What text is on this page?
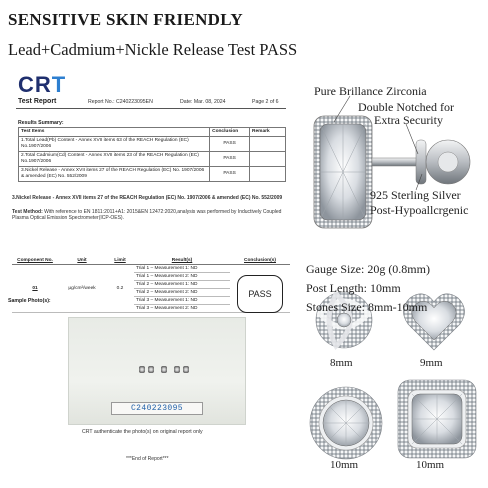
SENSITIVE SKIN FRIENDLY
Lead+Cadmium+Nickle Release Test PASS
CRT
Test Report	Report No.: C240223095EN	Date: Mar. 08, 2024	Page 2 of 6
Results Summary:
Test Items	Conclusion	Remark
1.Total Lead(Pb) Content - Annex XVII items 63 of the REACH Regulation (EC) No.1907/2006	PASS	
2.Total Cadmium(Cd) Content - Annex XVII items 23 of the REACH Regulation (EC) No.1907/2006	PASS	
3.Nickel Release - Annex XVII items 27 of the REACH Regulation (EC) No. 1907/2006 & amended (EC) No. 552/2009	PASS	
3.Nickel Release - Annex XVII items 27 of the REACH Regulation (EC) No. 1907/2006 & amended (EC) No. 552/2009
Test Method: With reference to EN 1811:2011+A1: 2015&EN 12472:2020,analysis was performed by Inductively Coupled Plasma Optical Emission Spectrometer(ICP-OES).
Component No.	Unit	Limit	Result(s)	Conclusion(s)
01	μg/cm²/week	0.2	Trial 1 – Measurement 1: ND	
			Trial 1 – Measurement 2: ND	
			Trial 2 – Measurement 1: ND	
			Trial 2 – Measurement 2: ND	
			Trial 3 – Measurement 1: ND	
			Trial 3 – Measurement 2: ND	
PASS
Sample Photo(s):
C240223095
CRT authenticate the photo(s) on original report only
***End of Report***
Pure Brillance Zirconia
Double Notched for
Extra Security
925 Sterling Silver
Post-Hypoallcrgenic
Gauge Size: 20g (0.8mm)
Post Length: 10mm
Stones Size: 8mm-10mm
8mm	9mm
10mm	10mm
